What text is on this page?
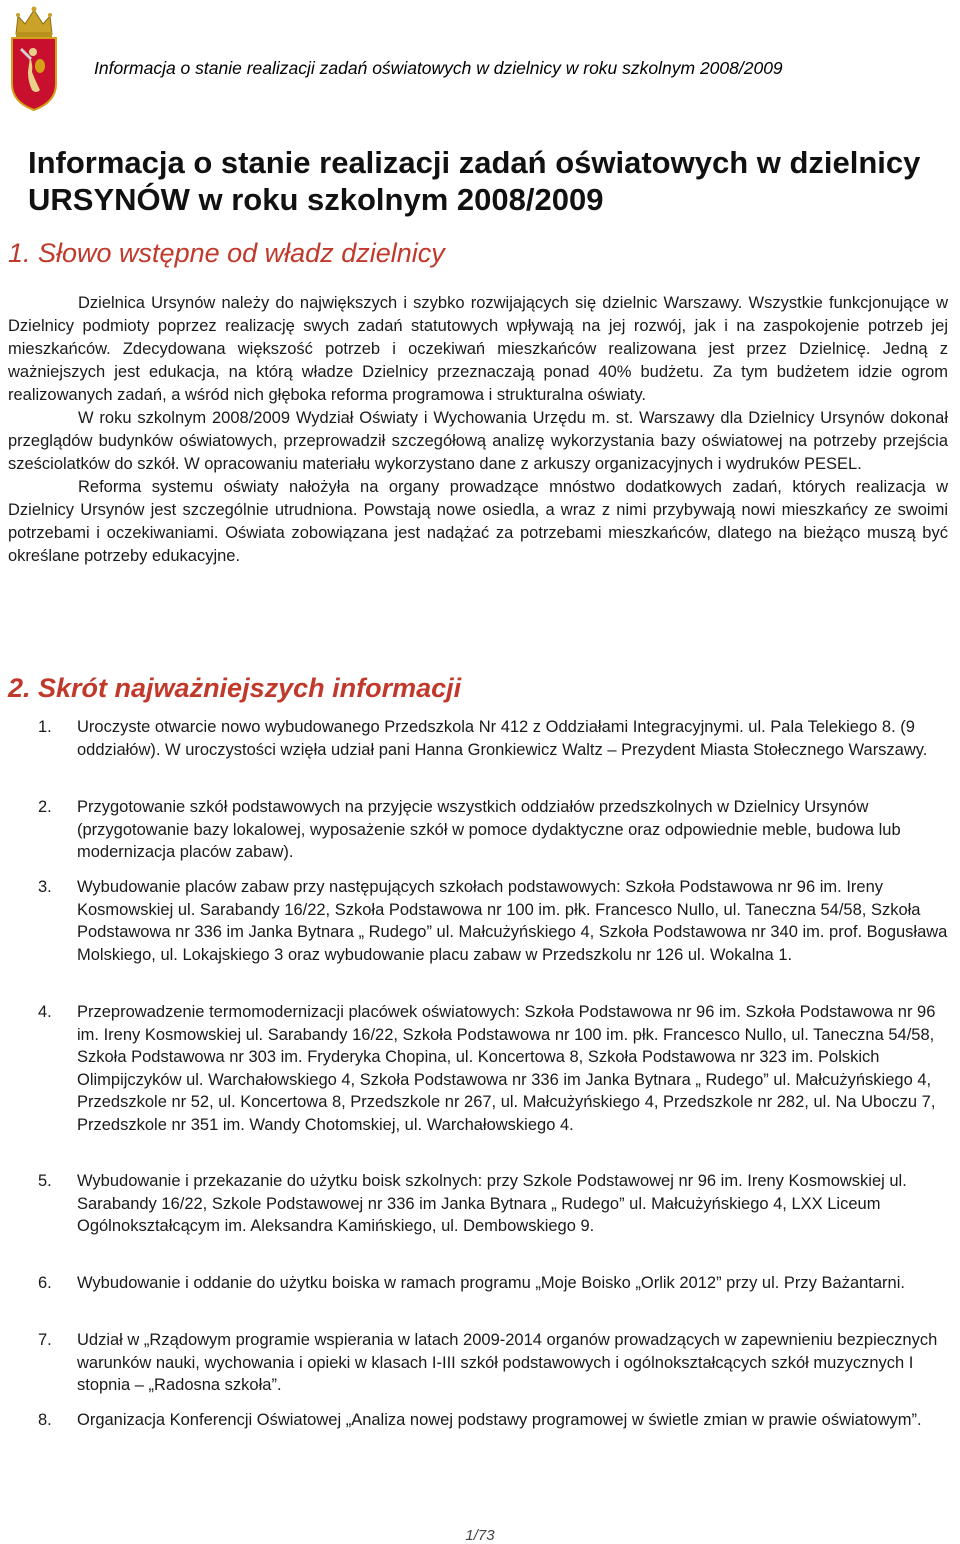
Informacja o stanie realizacji zadań oświatowych w dzielnicy w roku szkolnym 2008/2009
Informacja o stanie realizacji zadań oświatowych w dzielnicy
URSYNÓW w roku szkolnym 2008/2009
1. Słowo wstępne od władz dzielnicy

Dzielnica Ursynów należy do największych i szybko rozwijających się dzielnic Warszawy. Wszystkie funkcjonujące w Dzielnicy podmioty poprzez realizację swych zadań statutowych wpływają na jej rozwój, jak i na zaspokojenie potrzeb jej mieszkańców. Zdecydowana większość potrzeb i oczekiwań mieszkańców realizowana jest przez Dzielnicę. Jedną z ważniejszych jest edukacja, na którą władze Dzielnicy przeznaczają ponad 40% budżetu. Za tym budżetem idzie ogrom realizowanych zadań, a wśród nich głęboka reforma programowa i strukturalna oświaty.

W roku szkolnym 2008/2009 Wydział Oświaty i Wychowania Urzędu m. st. Warszawy dla Dzielnicy Ursynów dokonał przeglądów budynków oświatowych, przeprowadził szczegółową analizę wykorzystania bazy oświatowej na potrzeby przejścia sześciolatków do szkół. W opracowaniu materiału wykorzystano dane z arkuszy organizacyjnych i wydruków PESEL.

Reforma systemu oświaty nałożyła na organy prowadzące mnóstwo dodatkowych zadań, których realizacja w Dzielnicy Ursynów jest szczególnie utrudniona. Powstają nowe osiedla, a wraz z nimi przybywają nowi mieszkańcy ze swoimi potrzebami i oczekiwaniami. Oświata zobowiązana jest nadążać za potrzebami mieszkańców, dlatego na bieżąco muszą być określane potrzeby edukacyjne.

2. Skrót najważniejszych informacji
1.	Uroczyste otwarcie nowo wybudowanego Przedszkola Nr 412 z Oddziałami Integracyjnymi. ul. Pala Telekiego 8. (9 oddziałów). W uroczystości wzięła udział pani Hanna Gronkiewicz Waltz – Prezydent Miasta Stołecznego Warszawy.
2.	Przygotowanie szkół podstawowych na przyjęcie wszystkich oddziałów przedszkolnych w Dzielnicy Ursynów (przygotowanie bazy lokalowej, wyposażenie szkół w pomoce dydaktyczne oraz odpowiednie meble, budowa lub modernizacja placów zabaw).
3.	Wybudowanie placów zabaw przy następujących szkołach podstawowych: Szkoła Podstawowa nr 96 im. Ireny Kosmowskiej ul. Sarabandy 16/22, Szkoła Podstawowa nr 100 im. płk. Francesco Nullo, ul. Taneczna 54/58, Szkoła Podstawowa nr 336 im Janka Bytnara „ Rudego” ul. Małcużyńskiego 4, Szkoła Podstawowa nr 340 im. prof. Bogusława Molskiego, ul. Lokajskiego 3 oraz wybudowanie placu zabaw w Przedszkolu nr 126 ul. Wokalna 1.
4.	Przeprowadzenie termomodernizacji placówek oświatowych: Szkoła Podstawowa nr 96 im. Szkoła Podstawowa nr 96 im. Ireny Kosmowskiej ul. Sarabandy 16/22, Szkoła Podstawowa nr 100 im. płk. Francesco Nullo, ul. Taneczna 54/58, Szkoła Podstawowa nr 303 im. Fryderyka Chopina, ul. Koncertowa 8, Szkoła Podstawowa nr 323 im. Polskich Olimpijczyków ul. Warchałowskiego 4, Szkoła Podstawowa nr 336 im Janka Bytnara „ Rudego” ul. Małcużyńskiego 4, Przedszkole nr 52, ul. Koncertowa 8, Przedszkole nr 267, ul. Małcużyńskiego 4, Przedszkole nr 282, ul. Na Uboczu 7, Przedszkole nr 351 im. Wandy Chotomskiej, ul. Warchałowskiego 4.
5.	Wybudowanie i przekazanie do użytku boisk szkolnych: przy Szkole Podstawowej nr 96 im. Ireny Kosmowskiej ul. Sarabandy 16/22, Szkole Podstawowej nr 336 im Janka Bytnara „ Rudego” ul. Małcużyńskiego 4, LXX Liceum Ogólnokształcącym im. Aleksandra Kamińskiego, ul. Dembowskiego 9.
6.	Wybudowanie i oddanie do użytku boiska w ramach programu „Moje Boisko „Orlik 2012” przy ul. Przy Bażantarni.
7.	Udział w „Rządowym programie wspierania w latach 2009-2014 organów prowadzących w zapewnieniu bezpiecznych warunków nauki, wychowania i opieki w klasach I-III szkół podstawowych i ogólnokształcących szkół muzycznych I stopnia – „Radosna szkoła”.
8.	Organizacja Konferencji Oświatowej „Analiza nowej podstawy programowej w świetle zmian w prawie oświatowym”.
1/73
